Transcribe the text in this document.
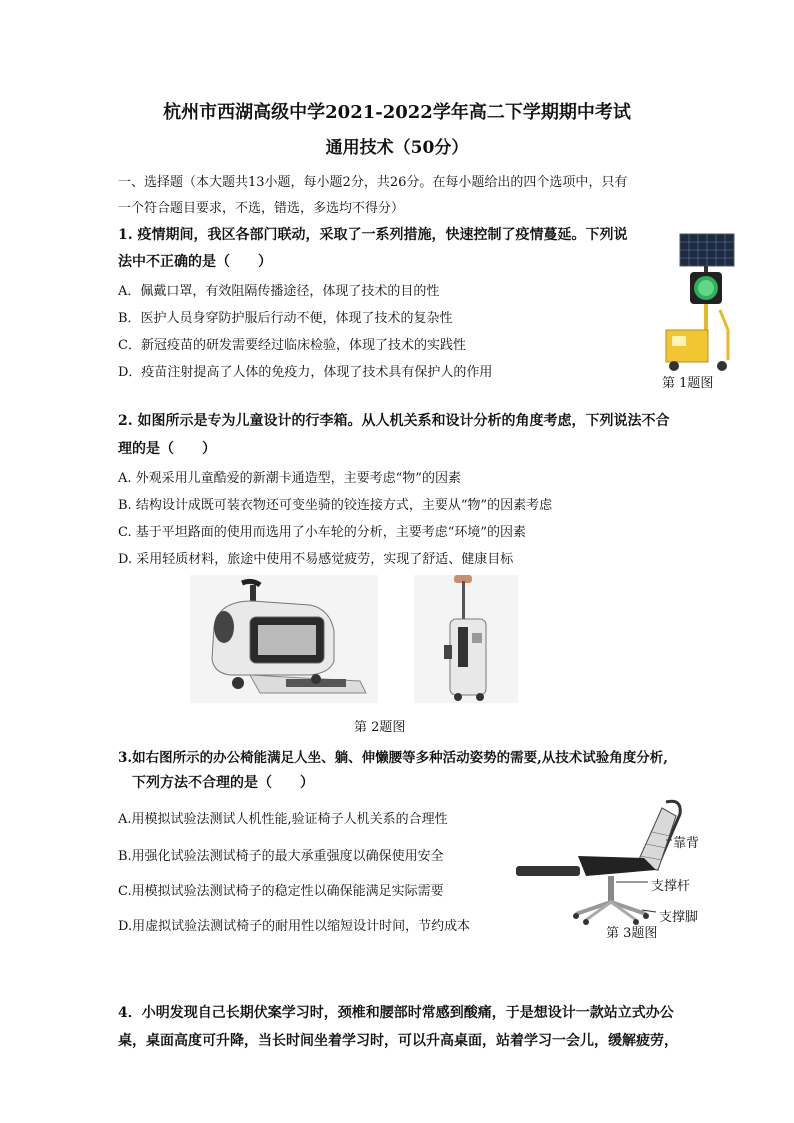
杭州市西湖高级中学2021-2022学年高二下学期期中考试
通用技术（50分）
一、选择题（本大题共13小题，每小题2分，共26分。在每小题给出的四个选项中，只有
一个符合题目要求，不选，错选，多选均不得分）
1. 疫情期间，我区各部门联动，采取了一系列措施，快速控制了疫情蔓延。下列说
法中不正确的是（　　）
A．佩戴口罩，有效阻隔传播途径，体现了技术的目的性
B．医护人员身穿防护服后行动不便，体现了技术的复杂性
C．新冠疫苗的研发需要经过临床检验，体现了技术的实践性
D．疫苗注射提高了人体的免疫力，体现了技术具有保护人的作用
第 1题图
2. 如图所示是专为儿童设计的行李箱。从人机关系和设计分析的角度考虑，下列说法不合
理的是（　　）
A. 外观采用儿童酷爱的新潮卡通造型，主要考虑“物”的因素
B. 结构设计成既可装衣物还可变坐骑的铰连接方式，主要从“物”的因素考虑
C. 基于平坦路面的使用而选用了小车轮的分析，主要考虑“环境”的因素
D. 采用轻质材料，旅途中使用不易感觉疲劳，实现了舒适、健康目标
第 2题图
3.如右图所示的办公椅能满足人坐、躺、伸懒腰等多种活动姿势的需要,从技术试验角度分析,
下列方法不合理的是（　　）
A.用模拟试验法测试人机性能,验证椅子人机关系的合理性
B.用强化试验法测试椅子的最大承重强度以确保使用安全
C.用模拟试验法测试椅子的稳定性以确保能满足实际需要
D.用虚拟试验法测试椅子的耐用性以缩短设计时间，节约成本
靠背
支撑杆
支撑脚
第 3题图
4．小明发现自己长期伏案学习时，颈椎和腰部时常感到酸痛，于是想设计一款站立式办公
桌，桌面高度可升降，当长时间坐着学习时，可以升高桌面，站着学习一会儿，缓解疲劳，
